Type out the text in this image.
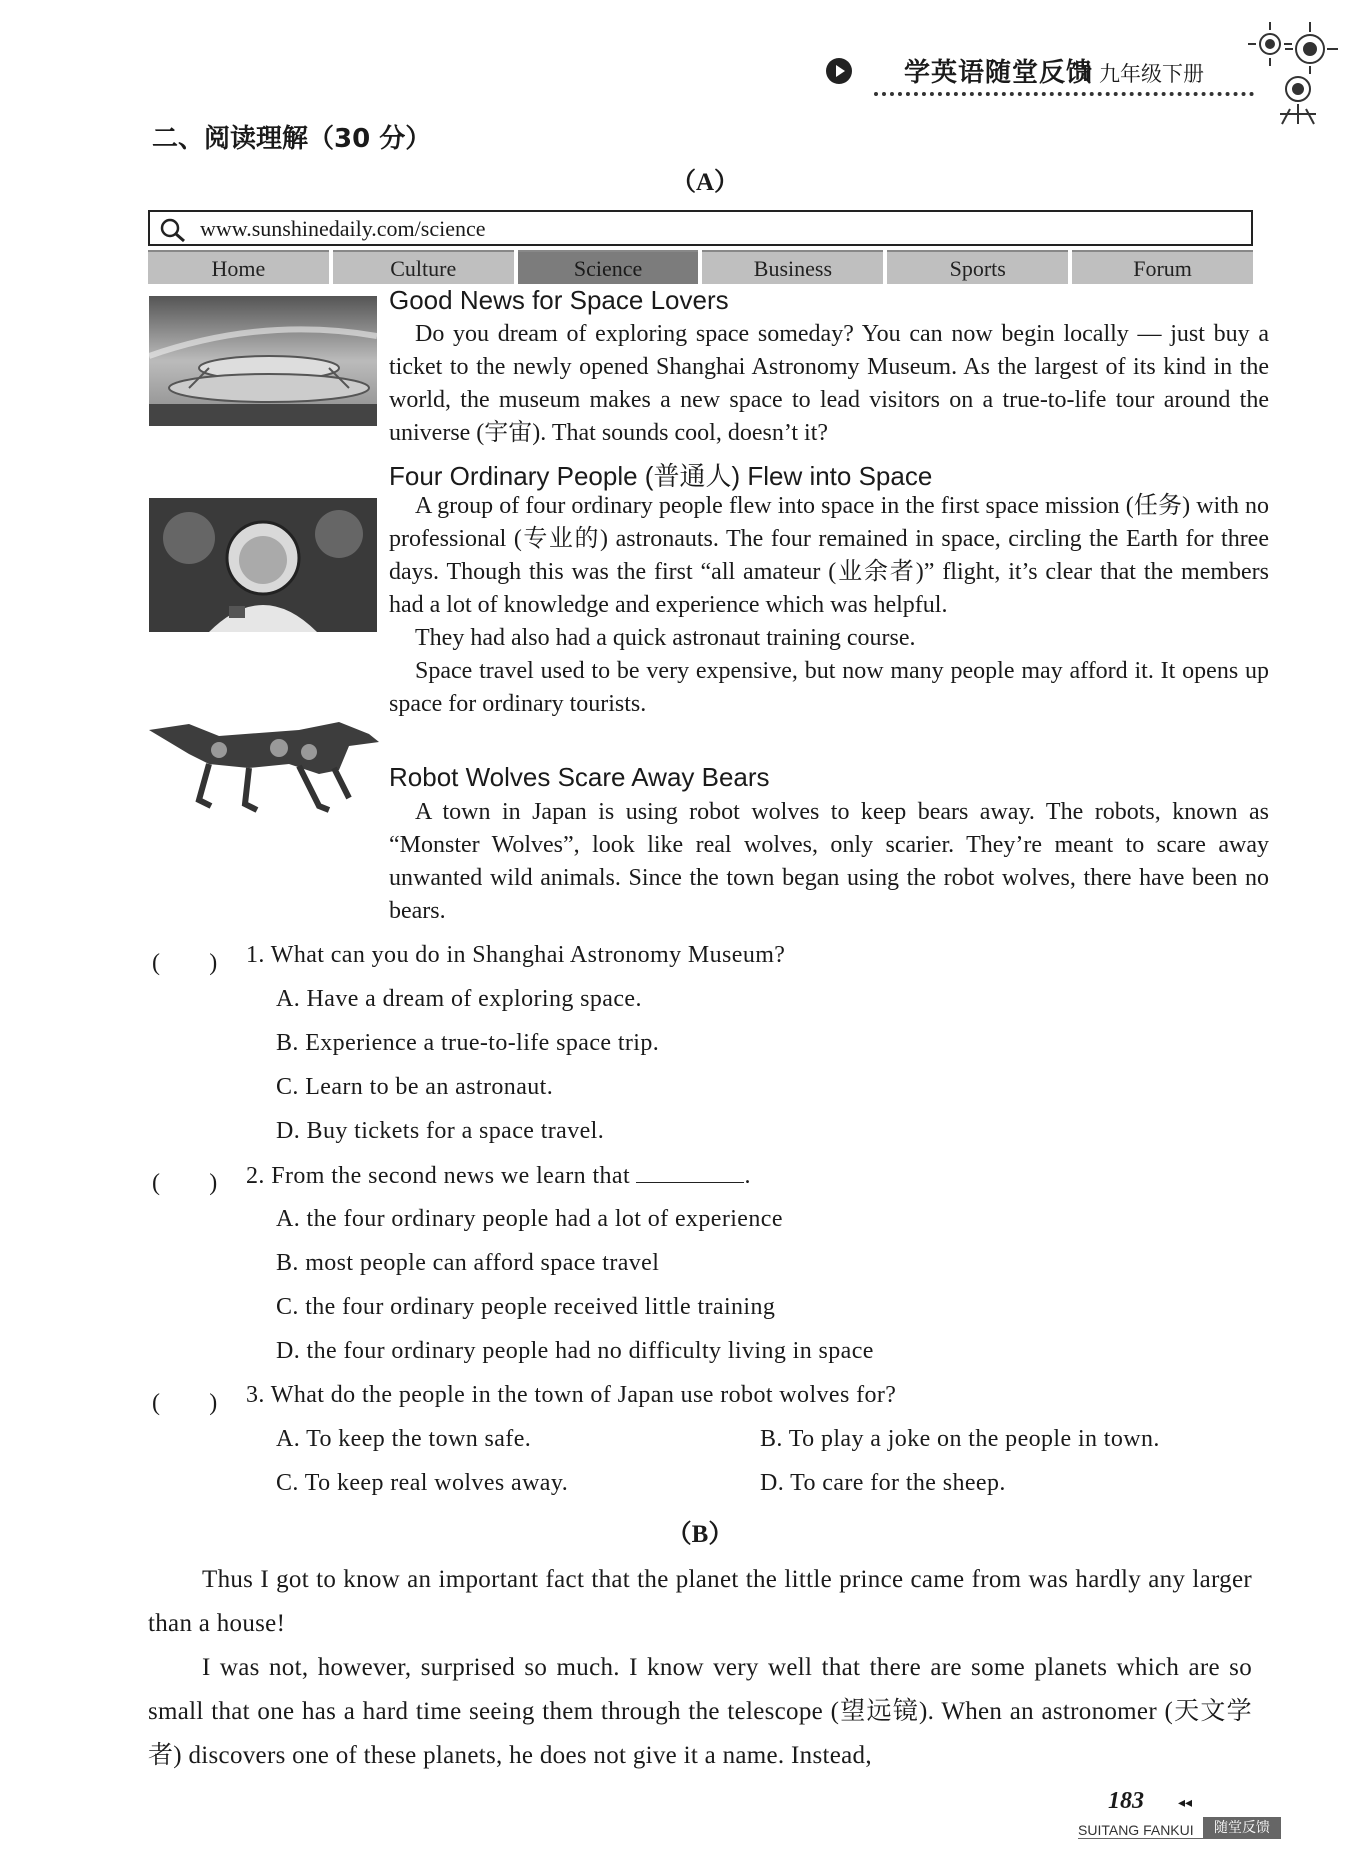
学英语随堂反馈
Ⅱ 九年级下册
二、阅读理解（30 分）
（A）
www.sunshinedaily.com/science
Home	Culture	Science	Business	Sports	Forum
Good News for Space Lovers
Do you dream of exploring space someday? You can now begin locally — just buy a ticket to the newly opened Shanghai Astronomy Museum. As the largest of its kind in the world, the museum makes a new space to lead visitors on a true-to-life tour around the universe (宇宙). That sounds cool, doesn’t it?
Four Ordinary People (普通人) Flew into Space
A group of four ordinary people flew into space in the first space mission (任务) with no professional (专业的) astronauts. The four remained in space, circling the Earth for three days. Though this was the first “all amateur (业余者)” flight, it’s clear that the members had a lot of knowledge and experience which was helpful.
They had also had a quick astronaut training course.
Space travel used to be very expensive, but now many people may afford it. It opens up space for ordinary tourists.
Robot Wolves Scare Away Bears
A town in Japan is using robot wolves to keep bears away. The robots, known as “Monster Wolves”, look like real wolves, only scarier. They’re meant to scare away unwanted wild animals. Since the town began using the robot wolves, there have been no bears.
(　　) 1. What can you do in Shanghai Astronomy Museum?
A. Have a dream of exploring space.
B. Experience a true-to-life space trip.
C. Learn to be an astronaut.
D. Buy tickets for a space travel.
(　　) 2. From the second news we learn that	.
A. the four ordinary people had a lot of experience
B. most people can afford space travel
C. the four ordinary people received little training
D. the four ordinary people had no difficulty living in space
(　　) 3. What do the people in the town of Japan use robot wolves for?
A. To keep the town safe.	B. To play a joke on the people in town.
C. To keep real wolves away.	D. To care for the sheep.
（B）
Thus I got to know an important fact that the planet the little prince came from was hardly any larger than a house!
I was not, however, surprised so much. I know very well that there are some planets which are so small that one has a hard time seeing them through the telescope (望远镜). When an astronomer (天文学者) discovers one of these planets, he does not give it a name. Instead,
183 ◂◂
SUITANG FANKUI	随堂反馈
